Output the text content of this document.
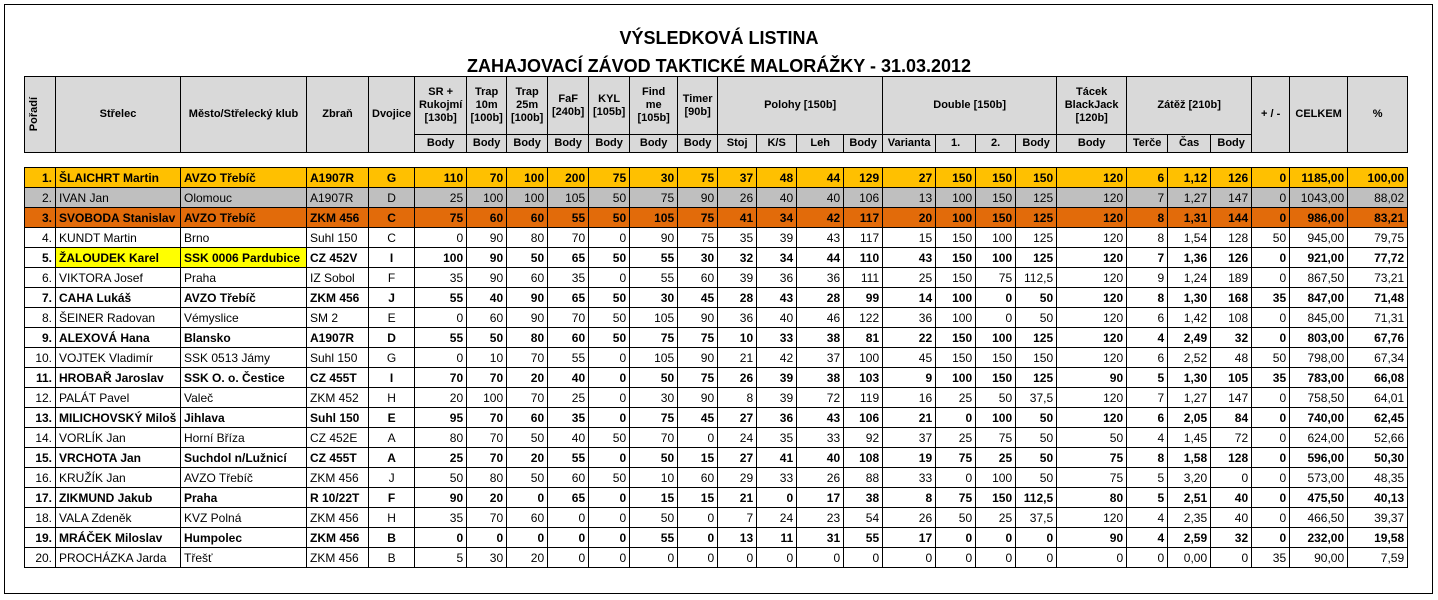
VÝSLEDKOVÁ LISTINA
ZAHAJOVACÍ ZÁVOD TAKTICKÉ MALORÁŽKY - 31.03.2012
Pořadí	Střelec	Město/Střelecký klub	Zbraň	Dvojice	SR + Rukojmí [130b]	Trap 10m [100b]	Trap 25m [100b]	FaF [240b]	KYL [105b]	Find me [105b]	Timer [90b]	Polohy [150b]				Double [150b]				Tácek BlackJack [120b]	Zátěž [210b]			+ / -	CELKEM	%
					Body	Body	Body	Body	Body	Body	Body	Stoj	K/S	Leh	Body	Varianta	1.	2.	Body	Body	Terče	Čas	Body			

1.	ŠLAICHRT Martin	AVZO Třebíč	A1907R	G	110	70	100	200	75	30	75	37	48	44	129	27	150	150	150	120	6	1,12	126	0	1185,00	100,00
2.	IVAN Jan	Olomouc	A1907R	D	25	100	100	105	50	75	90	26	40	40	106	13	100	150	125	120	7	1,27	147	0	1043,00	88,02
3.	SVOBODA Stanislav	AVZO Třebíč	ZKM 456	C	75	60	60	55	50	105	75	41	34	42	117	20	100	150	125	120	8	1,31	144	0	986,00	83,21
4.	KUNDT Martin	Brno	Suhl 150	C	0	90	80	70	0	90	75	35	39	43	117	15	150	100	125	120	8	1,54	128	50	945,00	79,75
5.	ŽALOUDEK Karel	SSK 0006 Pardubice	CZ 452V	I	100	90	50	65	50	55	30	32	34	44	110	43	150	100	125	120	7	1,36	126	0	921,00	77,72
6.	VIKTORA Josef	Praha	IZ Sobol	F	35	90	60	35	0	55	60	39	36	36	111	25	150	75	112,5	120	9	1,24	189	0	867,50	73,21
7.	CAHA Lukáš	AVZO Třebíč	ZKM 456	J	55	40	90	65	50	30	45	28	43	28	99	14	100	0	50	120	8	1,30	168	35	847,00	71,48
8.	ŠEINER Radovan	Vémyslice	SM 2	E	0	60	90	70	50	105	90	36	40	46	122	36	100	0	50	120	6	1,42	108	0	845,00	71,31
9.	ALEXOVÁ Hana	Blansko	A1907R	D	55	50	80	60	50	75	75	10	33	38	81	22	150	100	125	120	4	2,49	32	0	803,00	67,76
10.	VOJTEK Vladimír	SSK 0513 Jámy	Suhl 150	G	0	10	70	55	0	105	90	21	42	37	100	45	150	150	150	120	6	2,52	48	50	798,00	67,34
11.	HROBAŘ Jaroslav	SSK O. o. Čestice	CZ 455T	I	70	70	20	40	0	50	75	26	39	38	103	9	100	150	125	90	5	1,30	105	35	783,00	66,08
12.	PALÁT Pavel	Valeč	ZKM 452	H	20	100	70	25	0	30	90	8	39	72	119	16	25	50	37,5	120	7	1,27	147	0	758,50	64,01
13.	MILICHOVSKÝ Miloš	Jihlava	Suhl 150	E	95	70	60	35	0	75	45	27	36	43	106	21	0	100	50	120	6	2,05	84	0	740,00	62,45
14.	VORLÍK Jan	Horní Bříza	CZ 452E	A	80	70	50	40	50	70	0	24	35	33	92	37	25	75	50	50	4	1,45	72	0	624,00	52,66
15.	VRCHOTA Jan	Suchdol n/Lužnicí	CZ 455T	A	25	70	20	55	0	50	15	27	41	40	108	19	75	25	50	75	8	1,58	128	0	596,00	50,30
16.	KRUŽÍK Jan	AVZO Třebíč	ZKM 456	J	50	80	50	60	50	10	60	29	33	26	88	33	0	100	50	75	5	3,20	0	0	573,00	48,35
17.	ZIKMUND Jakub	Praha	R 10/22T	F	90	20	0	65	0	15	15	21	0	17	38	8	75	150	112,5	80	5	2,51	40	0	475,50	40,13
18.	VALA Zdeněk	KVZ Polná	ZKM 456	H	35	70	60	0	0	50	0	7	24	23	54	26	50	25	37,5	120	4	2,35	40	0	466,50	39,37
19.	MRÁČEK Miloslav	Humpolec	ZKM 456	B	0	0	0	0	0	55	0	13	11	31	55	17	0	0	0	90	4	2,59	32	0	232,00	19,58
20.	PROCHÁZKA Jarda	Třešť	ZKM 456	B	5	30	20	0	0	0	0	0	0	0	0	0	0	0	0	0	0	0,00	0	35	90,00	7,59
